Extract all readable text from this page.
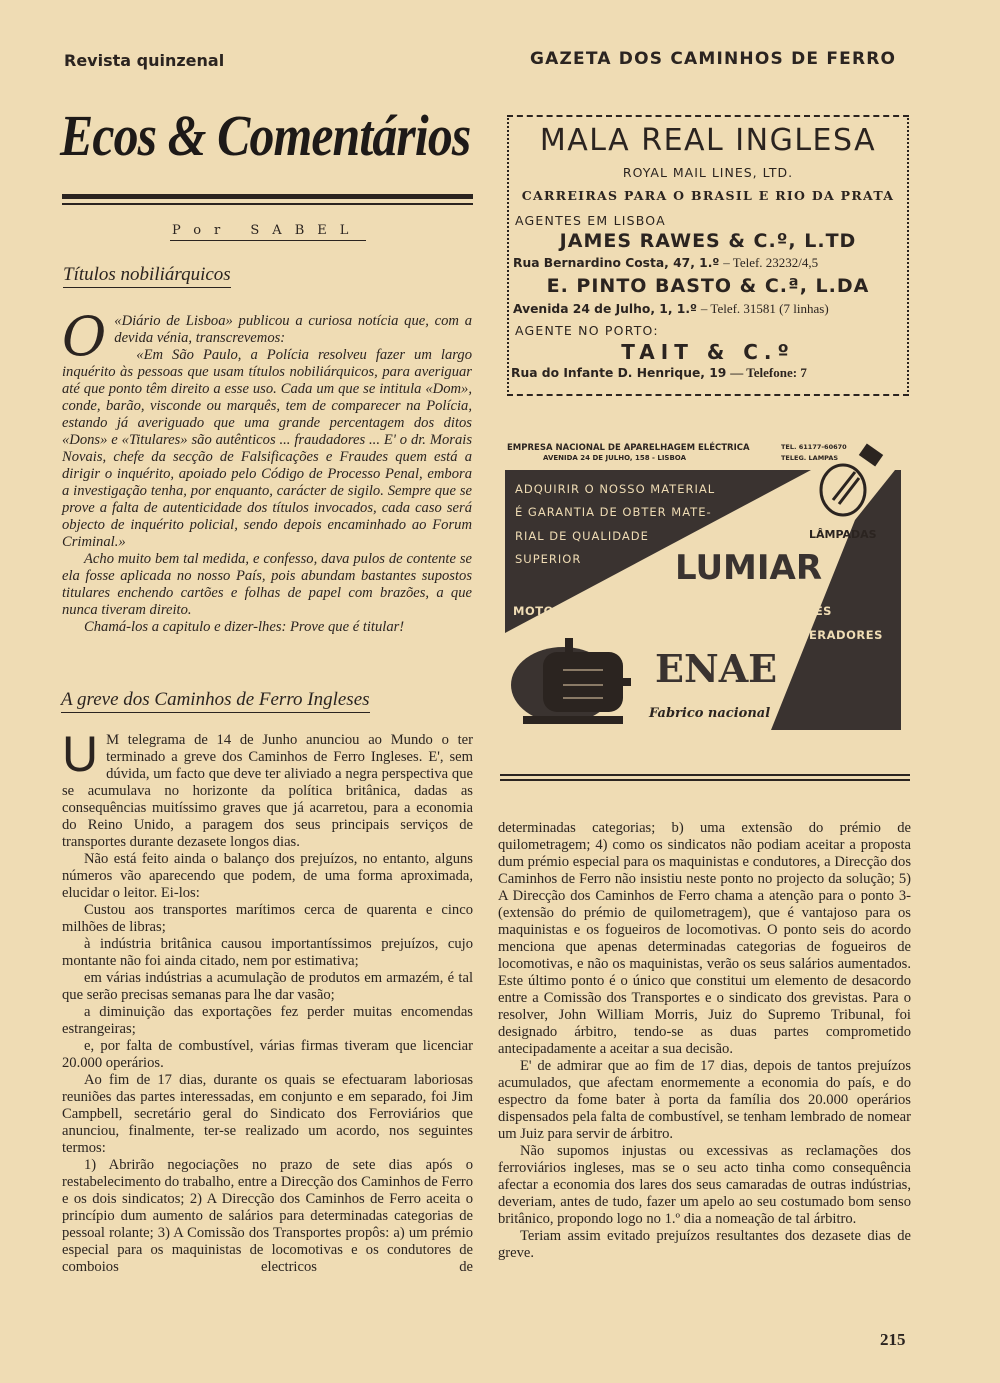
Revista quinzenal	GAZETA DOS CAMINHOS DE FERRO
Ecos & Comentários
Por SABEL
Títulos nobiliárquicos
O «Diário de Lisboa» publicou a curiosa notícia que, com a devida vénia, transcrevemos:

«Em São Paulo, a Polícia resolveu fazer um largo inquérito às pessoas que usam títulos nobiliárquicos, para averiguar até que ponto têm direito a esse uso. Cada um que se intitula «Dom», conde, barão, visconde ou marquês, tem de comparecer na Polícia, estando já averiguado que uma grande percentagem dos ditos «Dons» e «Titulares» são autênticos ... fraudadores ... E' o dr. Morais Novais, chefe da secção de Falsificações e Fraudes quem está a dirigir o inquérito, apoiado pelo Código de Processo Penal, embora a investigação tenha, por enquanto, carácter de sigilo. Sempre que se prove a falta de autenticidade dos títulos invocados, cada caso será objecto de inquérito policial, sendo depois encaminhado ao Forum Criminal.»

Acho muito bem tal medida, e confesso, dava pulos de contente se ela fosse aplicada no nosso País, pois abundam bastantes supostos titulares enchendo cartões e folhas de papel com brazões, a que nunca tiveram direito.

Chamá-los a capitulo e dizer-lhes: Prove que é titular!

A greve dos Caminhos de Ferro Ingleses
U M telegrama de 14 de Junho anunciou ao Mundo o ter terminado a greve dos Caminhos de Ferro Ingleses. E', sem dúvida, um facto que deve ter aliviado a negra perspectiva que se acumulava no horizonte da política britânica, dadas as consequências muitíssimo graves que já acarretou, para a economia do Reino Unido, a paragem dos seus principais serviços de transportes durante dezasete longos dias.

Não está feito ainda o balanço dos prejuízos, no entanto, alguns números vão aparecendo que podem, de uma forma aproximada, elucidar o leitor. Ei-los:

Custou aos transportes marítimos cerca de quarenta e cinco milhões de libras;

à indústria britânica causou importantíssimos prejuízos, cujo montante não foi ainda citado, nem por estimativa;

em várias indústrias a acumulação de produtos em armazém, é tal que serão precisas semanas para lhe dar vasão;

a diminuição das exportações fez perder muitas encomendas estrangeiras;

e, por falta de combustível, várias firmas tiveram que licenciar 20.000 operários.

Ao fim de 17 dias, durante os quais se efectuaram laboriosas reuniões das partes interessadas, em conjunto e em separado, foi Jim Campbell, secretário geral do Sindicato dos Ferroviários que anunciou, finalmente, ter-se realizado um acordo, nos seguintes termos:

1) Abrirão negociações no prazo de sete dias após o restabelecimento do trabalho, entre a Direcção dos Caminhos de Ferro e os dois sindicatos; 2) A Direcção dos Caminhos de Ferro aceita o princípio dum aumento de salários para determinadas categorias de pessoal rolante; 3) A Comissão dos Transportes propôs: a) um prémio especial para os maquinistas de locomotivas e os condutores de comboios electricos de

MALA REAL INGLESA
ROYAL MAIL LINES, LTD.
CARREIRAS PARA O BRASIL E RIO DA PRATA
AGENTES EM LISBOA
JAMES RAWES & C.º, L.TD
Rua Bernardino Costa, 47, 1.º – Telef. 23232/4,5
E. PINTO BASTO & C.ª, L.DA
Avenida 24 de Julho, 1, 1.º – Telef. 31581 (7 linhas)
AGENTE NO PORTO:
TAIT & C.º
Rua do Infante D. Henrique, 19 — Telefone: 7
EMPRESA NACIONAL DE APARELHAGEM ELÉCTRICA
AVENIDA 24 DE JULHO, 158 - LISBOA
TEL. 61177-60670
TELEG. LAMPAS
ADQUIRIR O NOSSO MATERIAL
É GARANTIA DE OBTER MATE-
RIAL DE QUALIDADE
SUPERIOR
LÂMPADAS
LUMIAR
MOTORES ELÉCTRICOS — TRANSFORMADORES
GERADORES
ENAE
Fabrico nacional

determinadas categorias; b) uma extensão do prémio de quilometragem; 4) como os sindicatos não podiam aceitar a proposta dum prémio especial para os maquinistas e condutores, a Direcção dos Caminhos de Ferro não insistiu neste ponto no projecto da solução; 5) A Direcção dos Caminhos de Ferro chama a atenção para o ponto 3- (extensão do prémio de quilometragem), que é vantajoso para os maquinistas e os fogueiros de locomotivas. O ponto seis do acordo menciona que apenas determinadas categorias de fogueiros de locomotivas, e não os maquinistas, verão os seus salários aumentados. Este último ponto é o único que constitui um elemento de desacordo entre a Comissão dos Transportes e o sindicato dos grevistas. Para o resolver, John William Morris, Juiz do Supremo Tribunal, foi designado árbitro, tendo-se as duas partes comprometido antecipadamente a aceitar a sua decisão.

E' de admirar que ao fim de 17 dias, depois de tantos prejuízos acumulados, que afectam enormemente a economia do país, e do espectro da fome bater à porta da família dos 20.000 operários dispensados pela falta de combustível, se tenham lembrado de nomear um Juiz para servir de árbitro.

Não supomos injustas ou excessivas as reclamações dos ferroviários ingleses, mas se o seu acto tinha como consequência afectar a economia dos lares dos seus camaradas de outras indústrias, deveriam, antes de tudo, fazer um apelo ao seu costumado bom senso britânico, propondo logo no 1.º dia a nomeação de tal árbitro.

Teriam assim evitado prejuízos resultantes dos dezasete dias de greve.

215
